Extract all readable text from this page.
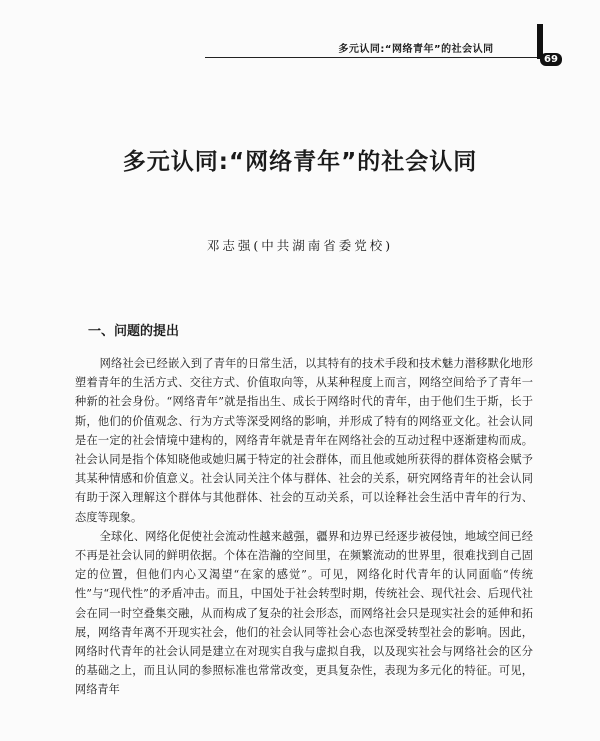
多元认同:“网络青年”的社会认同
69
多元认同:“网络青年”的社会认同
邓志强(中共湖南省委党校)
一、问题的提出

网络社会已经嵌入到了青年的日常生活，以其特有的技术手段和技术魅力潜移默化地形塑着青年的生活方式、交往方式、价值取向等，从某种程度上而言，网络空间给予了青年一种新的社会身份。“网络青年”就是指出生、成长于网络时代的青年，由于他们生于斯，长于斯，他们的价值观念、行为方式等深受网络的影响，并形成了特有的网络亚文化。社会认同是在一定的社会情境中建构的，网络青年就是青年在网络社会的互动过程中逐渐建构而成。社会认同是指个体知晓他或她归属于特定的社会群体，而且他或她所获得的群体资格会赋予其某种情感和价值意义。社会认同关注个体与群体、社会的关系，研究网络青年的社会认同有助于深入理解这个群体与其他群体、社会的互动关系，可以诠释社会生活中青年的行为、态度等现象。

全球化、网络化促使社会流动性越来越强，疆界和边界已经逐步被侵蚀，地域空间已经不再是社会认同的鲜明依据。个体在浩瀚的空间里，在频繁流动的世界里，很难找到自己固定的位置，但他们内心又渴望“在家的感觉”。可见，网络化时代青年的认同面临“传统性”与“现代性”的矛盾冲击。而且，中国处于社会转型时期，传统社会、现代社会、后现代社会在同一时空叠集交融，从而构成了复杂的社会形态，而网络社会只是现实社会的延伸和拓展，网络青年离不开现实社会，他们的社会认同等社会心态也深受转型社会的影响。因此，网络时代青年的社会认同是建立在对现实自我与虚拟自我，以及现实社会与网络社会的区分的基础之上，而且认同的参照标准也常常改变，更具复杂性，表现为多元化的特征。可见，网络青年
